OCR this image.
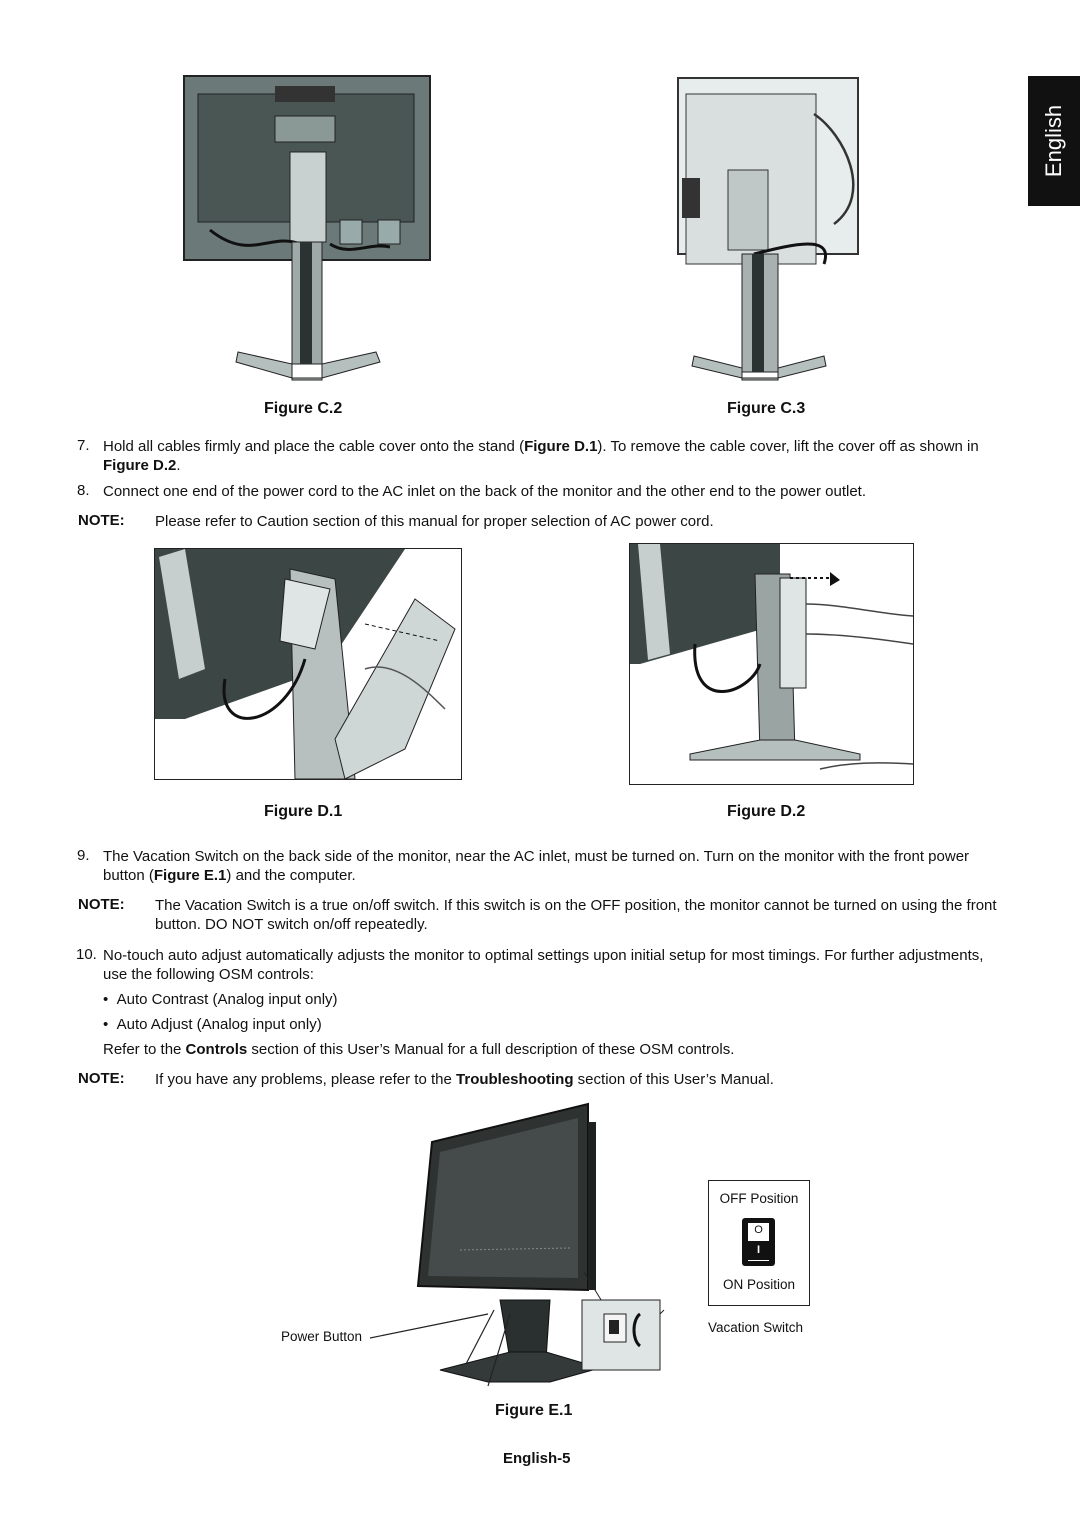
English
Figure C.2	Figure C.3
7. Hold all cables firmly and place the cable cover onto the stand (Figure D.1). To remove the cable cover, lift the cover off as shown in Figure D.2.
8. Connect one end of the power cord to the AC inlet on the back of the monitor and the other end to the power outlet.
NOTE: Please refer to Caution section of this manual for proper selection of AC power cord.
Figure D.1	Figure D.2
9. The Vacation Switch on the back side of the monitor, near the AC inlet, must be turned on. Turn on the monitor with the front power button (Figure E.1) and the computer.
NOTE: The Vacation Switch is a true on/off switch. If this switch is on the OFF position, the monitor cannot be turned on using the front button. DO NOT switch on/off repeatedly.
10. No-touch auto adjust automatically adjusts the monitor to optimal settings upon initial setup for most timings. For further adjustments, use the following OSM controls:
•  Auto Contrast (Analog input only)
•  Auto Adjust (Analog input only)
Refer to the Controls section of this User’s Manual for a full description of these OSM controls.
NOTE: If you have any problems, please refer to the Troubleshooting section of this User’s Manual.
OFF Position
O
I
ON Position
Power Button
Vacation Switch
Figure E.1
English-5
